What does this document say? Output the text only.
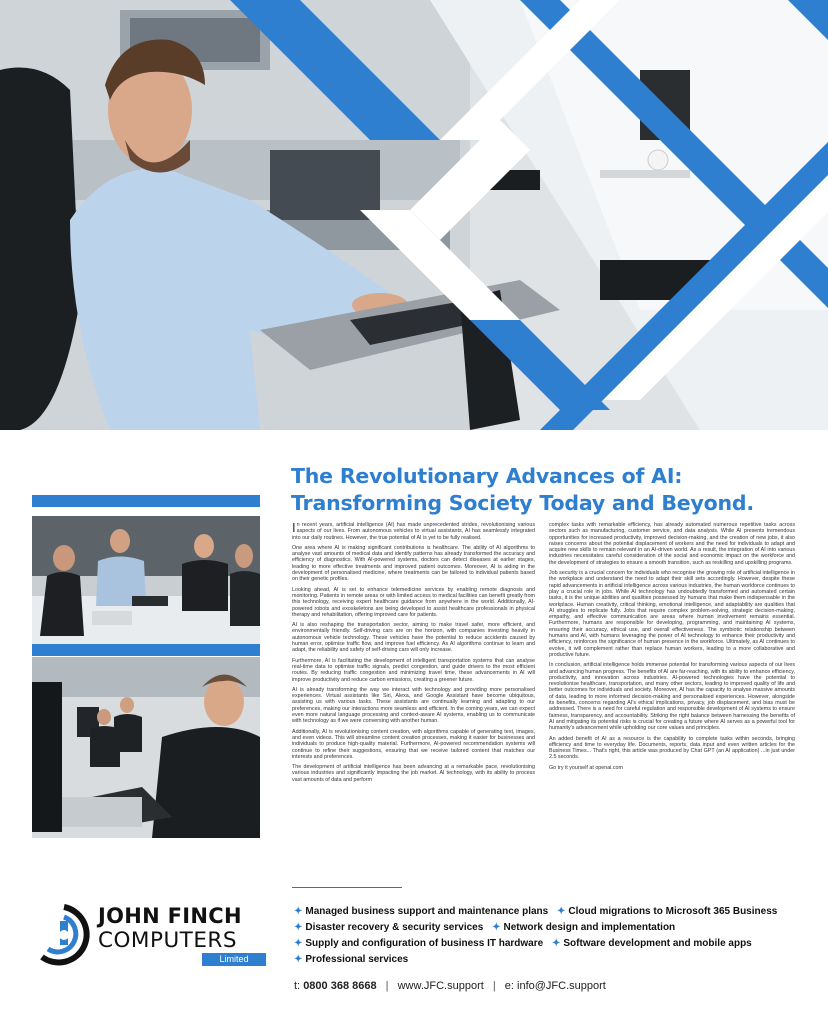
The Revolutionary Advances of AI:
Transforming Society Today and Beyond.

In recent years, artificial intelligence (AI) has made unprecedented strides, revolutionising various aspects of our lives. From autonomous vehicles to virtual assistants, AI has seamlessly integrated into our daily routines. However, the true potential of AI is yet to be fully realised.

One area where AI is making significant contributions is healthcare. The ability of AI algorithms to analyse vast amounts of medical data and identify patterns has already transformed the accuracy and efficiency of diagnostics. With AI-powered systems, doctors can detect diseases at earlier stages, leading to more effective treatments and improved patient outcomes. Moreover, AI is aiding in the development of personalised medicine, where treatments can be tailored to individual patients based on their genetic profiles.

Looking ahead, AI is set to enhance telemedicine services by enabling remote diagnosis and monitoring. Patients in remote areas or with limited access to medical facilities can benefit greatly from this technology, receiving expert healthcare guidance from anywhere in the world. Additionally, AI-powered robots and exoskeletons are being developed to assist healthcare professionals in physical therapy and rehabilitation, offering improved care for patients.

AI is also reshaping the transportation sector, aiming to make travel safer, more efficient, and environmentally friendly. Self-driving cars are on the horizon, with companies investing heavily in autonomous vehicle technology. These vehicles have the potential to reduce accidents caused by human error, optimise traffic flow, and improve fuel efficiency. As AI algorithms continue to learn and adapt, the reliability and safety of self-driving cars will only increase.

Furthermore, AI is facilitating the development of intelligent transportation systems that can analyse real-time data to optimise traffic signals, predict congestion, and guide drivers to the most efficient routes. By reducing traffic congestion and minimizing travel time, these advancements in AI will improve productivity and reduce carbon emissions, creating a greener future.

AI is already transforming the way we interact with technology and providing more personalised experiences. Virtual assistants like Siri, Alexa, and Google Assistant have become ubiquitous, assisting us with various tasks. These assistants are continually learning and adapting to our preferences, making our interactions more seamless and efficient. In the coming years, we can expect even more natural language processing and context-aware AI systems, enabling us to communicate with technology as if we were conversing with another human.

Additionally, AI is revolutionising content creation, with algorithms capable of generating text, images, and even videos. This will streamline content creation processes, making it easier for businesses and individuals to produce high-quality material. Furthermore, AI-powered recommendation systems will continue to refine their suggestions, ensuring that we receive tailored content that matches our interests and preferences.

The development of artificial intelligence has been advancing at a remarkable pace, revolutionising various industries and significantly impacting the job market. AI technology, with its ability to process vast amounts of data and perform

complex tasks with remarkable efficiency, has already automated numerous repetitive tasks across sectors such as manufacturing, customer service, and data analysis. While AI presents tremendous opportunities for increased productivity, improved decision-making, and the creation of new jobs, it also raises concerns about the potential displacement of workers and the need for individuals to adapt and acquire new skills to remain relevant in an AI-driven world. As a result, the integration of AI into various industries necessitates careful consideration of the social and economic impact on the workforce and the development of strategies to ensure a smooth transition, such as reskilling and upskilling programs.

Job security is a crucial concern for individuals who recognise the growing role of artificial intelligence in the workplace and understand the need to adapt their skill sets accordingly. However, despite these rapid advancements in artificial intelligence across various industries, the human workforce continues to play a crucial role in jobs. While AI technology has undoubtedly transformed and automated certain tasks, it is the unique abilities and qualities possessed by humans that make them indispensable in the workplace. Human creativity, critical thinking, emotional intelligence, and adaptability are qualities that AI struggles to replicate fully. Jobs that require complex problem-solving, strategic decision-making, empathy, and effective communication are areas where human involvement remains essential. Furthermore, humans are responsible for developing, programming, and maintaining AI systems, ensuring their accuracy, ethical use, and overall effectiveness. The symbiotic relationship between humans and AI, with humans leveraging the power of AI technology to enhance their productivity and efficiency, reinforces the significance of human presence in the workforce. Ultimately, as AI continues to evolve, it will complement rather than replace human workers, leading to a more collaborative and productive future.

In conclusion, artificial intelligence holds immense potential for transforming various aspects of our lives and advancing human progress. The benefits of AI are far-reaching, with its ability to enhance efficiency, productivity, and innovation across industries. AI-powered technologies have the potential to revolutionise healthcare, transportation, and many other sectors, leading to improved quality of life and better outcomes for individuals and society. Moreover, AI has the capacity to analyse massive amounts of data, leading to more informed decision-making and personalised experiences. However, alongside its benefits, concerns regarding AI's ethical implications, privacy, job displacement, and bias must be addressed. There is a need for careful regulation and responsible development of AI systems to ensure fairness, transparency, and accountability. Striking the right balance between harnessing the benefits of AI and mitigating its potential risks is crucial for creating a future where AI serves as a powerful tool for humanity's advancement while upholding our core values and principles.

An added benefit of AI as a resource is the capability to complete tasks within seconds, bringing efficiency and time to everyday life. Documents, reports, data input and even written articles for the Business Times... That's right, this article was produced by Chat GPT (an AI application) ...in just under 2.5 seconds.

Go try it yourself at openai.com

JOHN FINCH
COMPUTERS
Limited
✦ Managed business support and maintenance plans ✦ Cloud migrations to Microsoft 365 Business
✦ Disaster recovery & security services ✦ Network design and implementation
✦ Supply and configuration of business IT hardware ✦ Software development and mobile apps
✦ Professional services
t: 0800 368 8668 | www.JFC.support | e: info@JFC.support
